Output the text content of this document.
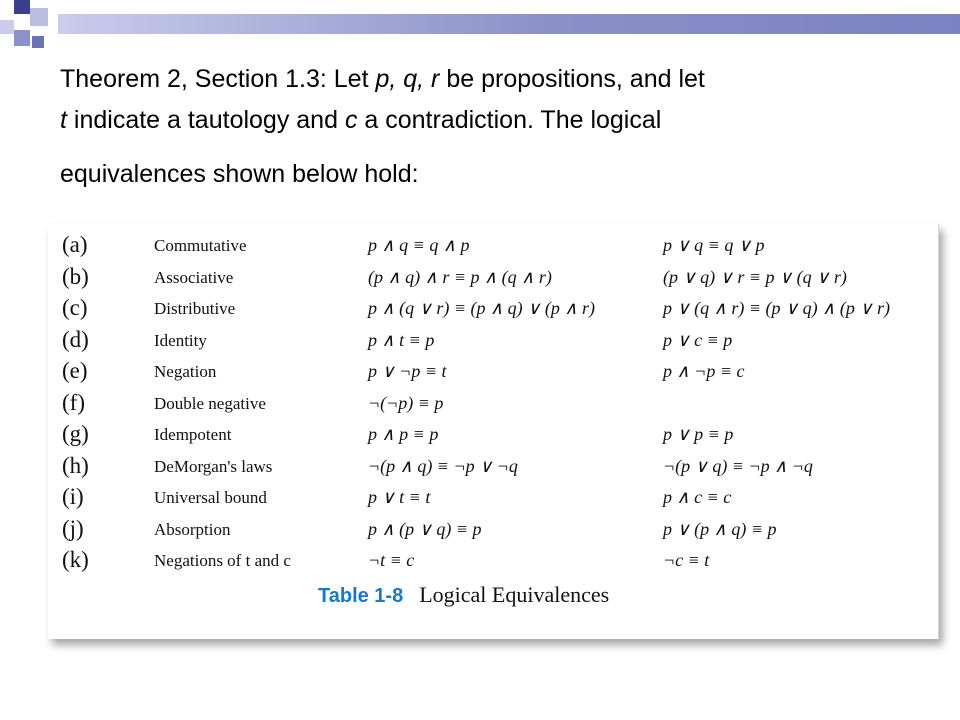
Theorem 2, Section 1.3: Let p, q, r be propositions, and let
t indicate a tautology and c a contradiction. The logical
equivalences shown below hold:
Table 1-8 Logical Equivalences
(a)	Commutative	p ∧ q ≡ q ∧ p	p ∨ q ≡ q ∨ p
(b)	Associative	(p ∧ q) ∧ r ≡ p ∧ (q ∧ r)	(p ∨ q) ∨ r ≡ p ∨ (q ∨ r)
(c)	Distributive	p ∧ (q ∨ r) ≡ (p ∧ q) ∨ (p ∧ r)	p ∨ (q ∧ r) ≡ (p ∨ q) ∧ (p ∨ r)
(d)	Identity	p ∧ t ≡ p	p ∨ c ≡ p
(e)	Negation	p ∨ ¬p ≡ t	p ∧ ¬p ≡ c
(f)	Double negative	¬(¬p) ≡ p
(g)	Idempotent	p ∧ p ≡ p	p ∨ p ≡ p
(h)	DeMorgan's laws	¬(p ∧ q) ≡ ¬p ∨ ¬q	¬(p ∨ q) ≡ ¬p ∧ ¬q
(i)	Universal bound	p ∨ t ≡ t	p ∧ c ≡ c
(j)	Absorption	p ∧ (p ∨ q) ≡ p	p ∨ (p ∧ q) ≡ p
(k)	Negations of t and c	¬t ≡ c	¬c ≡ t
